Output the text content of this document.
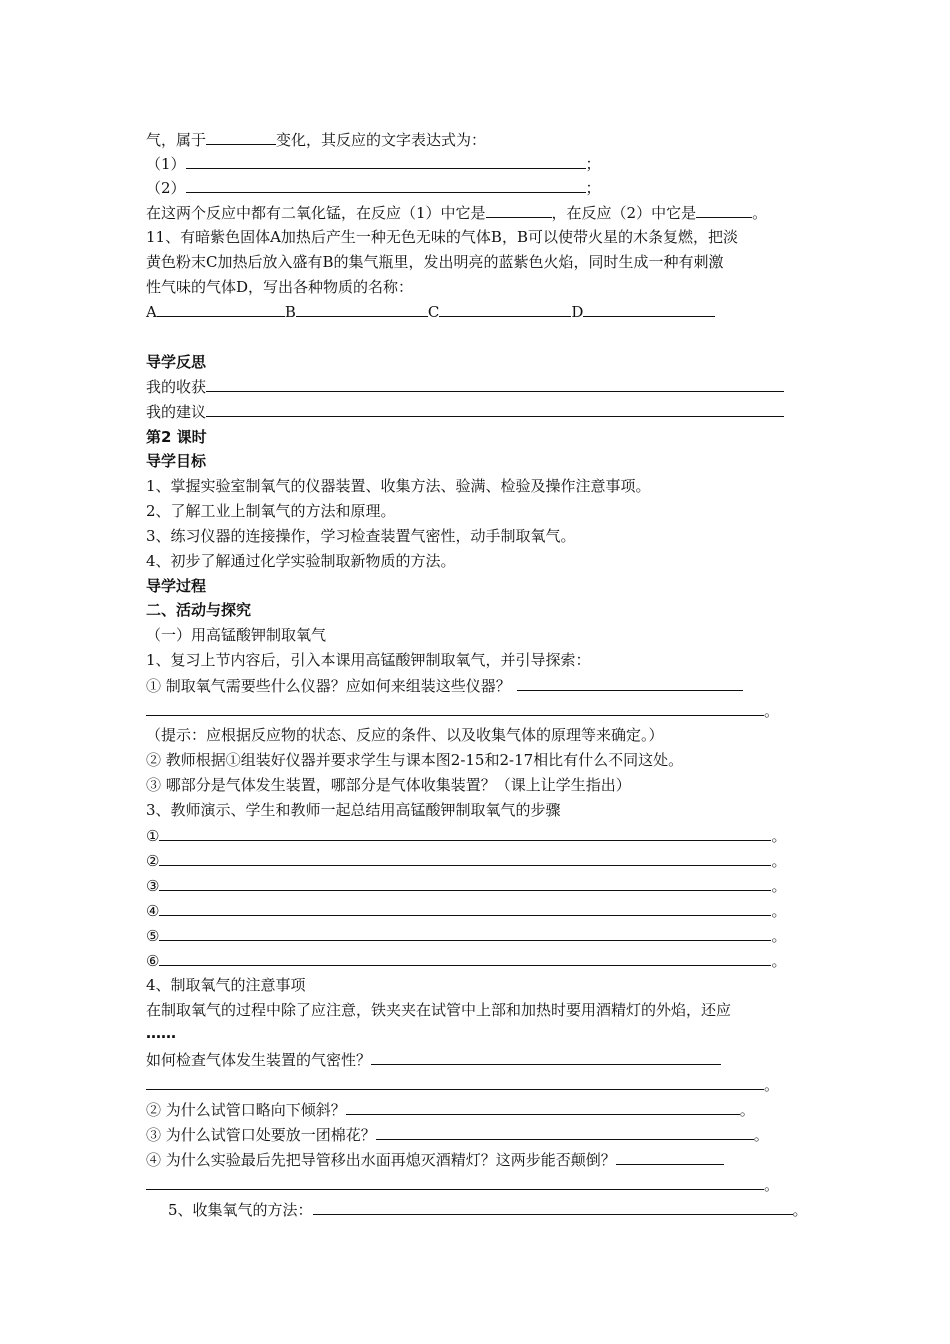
气，属于	变化，其反应的文字表达式为：
（1）	；
（2）	；
在这两个反应中都有二氧化锰，在反应（1）中它是	，在反应（2）中它是	。
11、有暗紫色固体A加热后产生一种无色无味的气体B，B可以使带火星的木条复燃，把淡
黄色粉末C加热后放入盛有B的集气瓶里，发出明亮的蓝紫色火焰，同时生成一种有刺激
性气味的气体D，写出各种物质的名称：
A	B	C	D
导学反思
我的收获
我的建议
第2 课时
导学目标
1、掌握实验室制氧气的仪器装置、收集方法、验满、检验及操作注意事项。
2、了解工业上制氧气的方法和原理。
3、练习仪器的连接操作，学习检查装置气密性，动手制取氧气。
4、初步了解通过化学实验制取新物质的方法。
导学过程
二、活动与探究
（一）用高锰酸钾制取氧气
1、复习上节内容后，引入本课用高锰酸钾制取氧气，并引导探索：
① 制取氧气需要些什么仪器？应如何来组装这些仪器？
。
（提示：应根据反应物的状态、反应的条件、以及收集气体的原理等来确定。）
② 教师根据①组装好仪器并要求学生与课本图2-15和2-17相比有什么不同这处。
③ 哪部分是气体发生装置，哪部分是气体收集装置？（课上让学生指出）
3、教师演示、学生和教师一起总结用高锰酸钾制取氧气的步骤
①	。
②	。
③	。
④	。
⑤	。
⑥	。
4、制取氧气的注意事项
在制取氧气的过程中除了应注意，铁夹夹在试管中上部和加热时要用酒精灯的外焰，还应
……
如何检查气体发生装置的气密性？
。
② 为什么试管口略向下倾斜？	。
③ 为什么试管口处要放一团棉花？	。
④ 为什么实验最后先把导管移出水面再熄灭酒精灯？这两步能否颠倒？
。
5、收集氧气的方法：	。
